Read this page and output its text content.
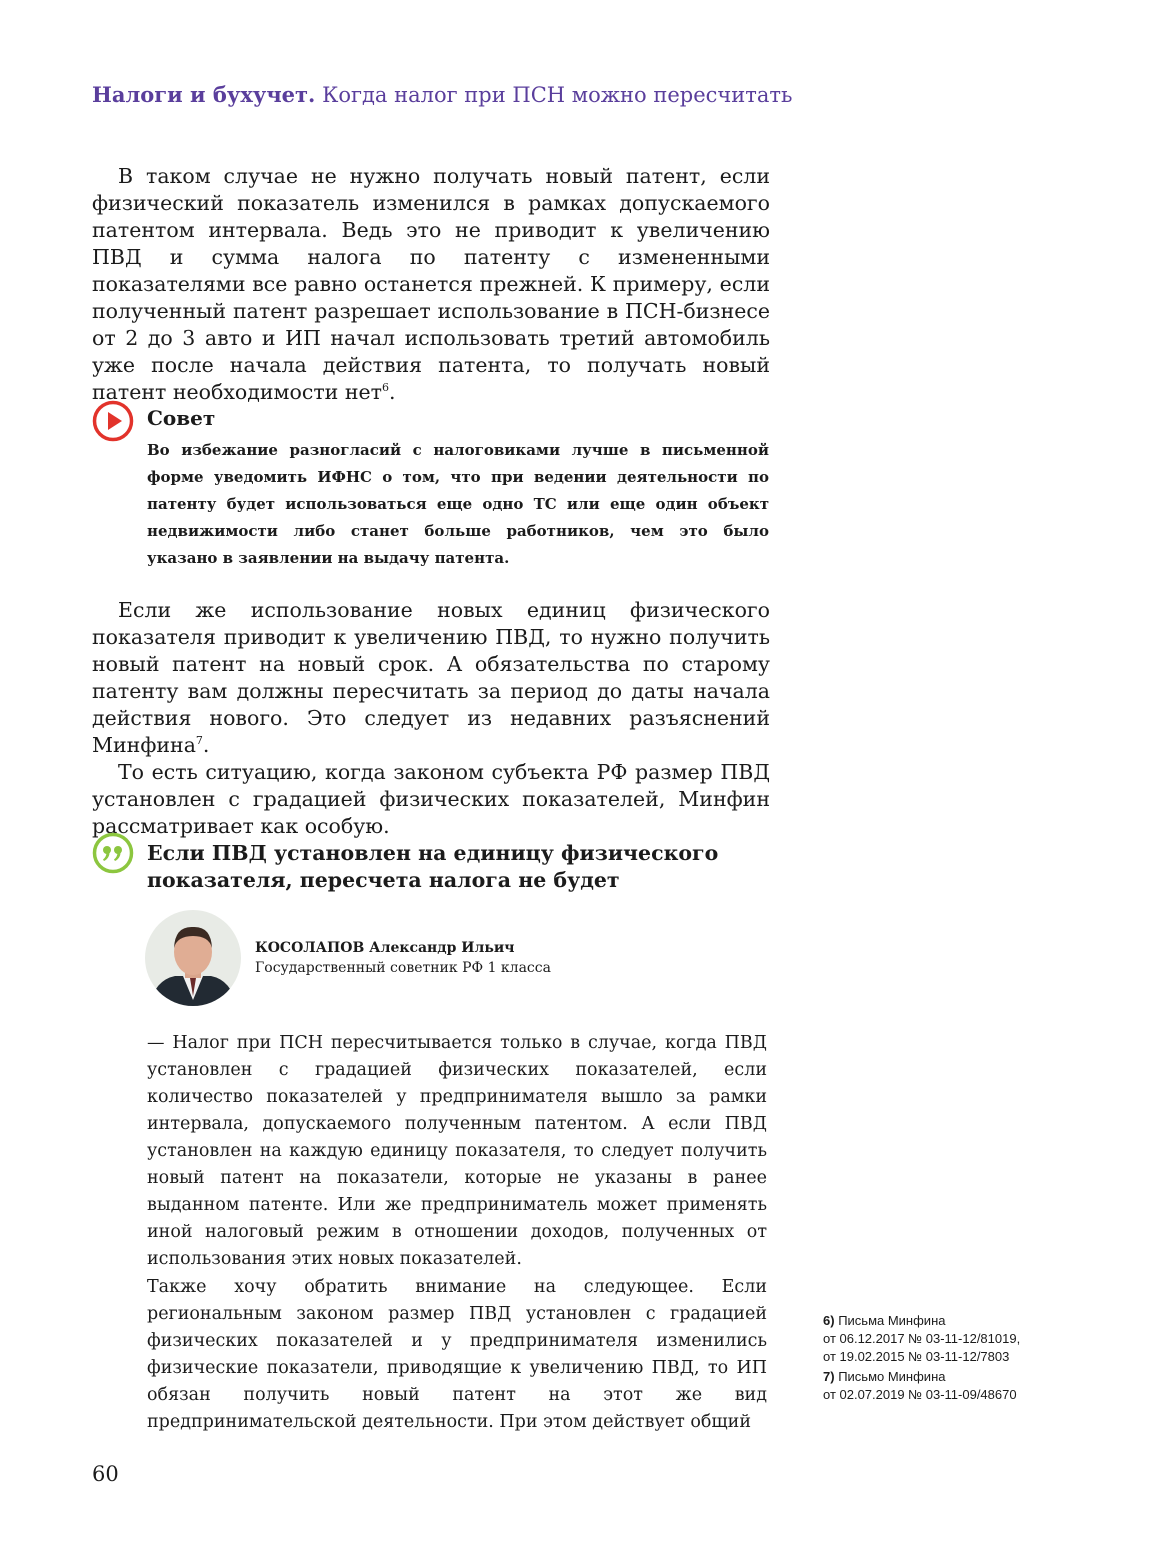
Налоги и бухучет. Когда налог при ПСН можно пересчитать

В таком случае не нужно получать новый патент, если физический показатель изменился в рамках допускаемого патентом интервала. Ведь это не приводит к увеличению ПВД и сумма налога по патенту с измененными показателями все равно останется прежней. К примеру, если полученный патент разрешает использование в ПСН-бизнесе от 2 до 3 авто и ИП начал использовать третий автомобиль уже после начала действия патента, то получать новый патент необходимости нет$^6$.

Совет
Во избежание разногласий с налоговиками лучше в письменной форме уведомить ИФНС о том, что при ведении деятельности по патенту будет использоваться еще одно ТС или еще один объект недвижимости либо станет больше работников, чем это было указано в заявлении на выдачу патента.

Если же использование новых единиц физического показателя приводит к увеличению ПВД, то нужно получить новый патент на новый срок. А обязательства по старому патенту вам должны пересчитать за период до даты начала действия нового. Это следует из недавних разъяснений Минфина$^7$.

То есть ситуацию, когда законом субъекта РФ размер ПВД установлен с градацией физических показателей, Минфин рассматривает как особую.

Если ПВД установлен на единицу физического показателя, пересчета налога не будет
КОСОЛАПОВ Александр Ильич
Государственный советник РФ 1 класса

— Налог при ПСН пересчитывается только в случае, когда ПВД установлен с градацией физических показателей, если количество показателей у предпринимателя вышло за рамки интервала, допускаемого полученным патентом. А если ПВД установлен на каждую единицу показателя, то следует получить новый патент на показатели, которые не указаны в ранее выданном патенте. Или же предприниматель может применять иной налоговый режим в отношении доходов, полученных от использования этих новых показателей.

Также хочу обратить внимание на следующее. Если региональным законом размер ПВД установлен с градацией физических показателей и у предпринимателя изменились физические показатели, приводящие к увеличению ПВД, то ИП обязан получить новый патент на этот же вид предпринимательской деятельности. При этом действует общий

6) Письма Минфина
от 06.12.2017 № 03-11-12/81019,
от 19.02.2015 № 03-11-12/7803

7) Письмо Минфина
от 02.07.2019 № 03-11-09/48670

60
